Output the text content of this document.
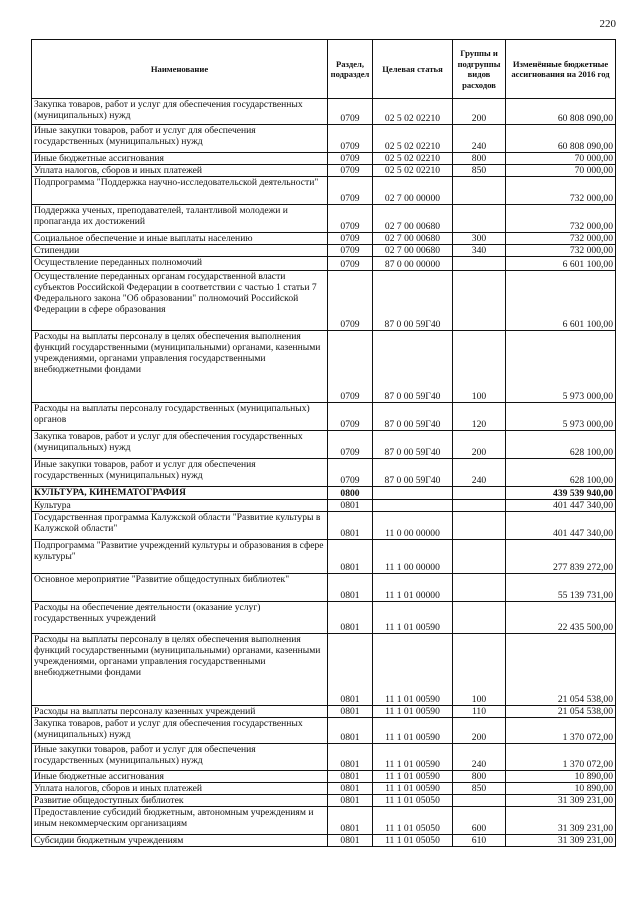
220
Наименование	Раздел, подраздел	Целевая статья	Группы и подгруппы видов расходов	Изменённые бюджетные ассигнования на 2016 год
Закупка товаров, работ и услуг для обеспечения государственных (муниципальных) нужд	0709	02 5 02 02210	200	60 808 090,00
Иные закупки товаров, работ и услуг для обеспечения государственных (муниципальных) нужд	0709	02 5 02 02210	240	60 808 090,00
Иные бюджетные ассигнования	0709	02 5 02 02210	800	70 000,00
Уплата налогов, сборов и иных платежей	0709	02 5 02 02210	850	70 000,00
Подпрограмма "Поддержка научно-исследовательской деятельности"	0709	02 7 00 00000		732 000,00
Поддержка ученых, преподавателей, талантливой молодежи и пропаганда их достижений	0709	02 7 00 00680		732 000,00
Социальное обеспечение и иные выплаты населению	0709	02 7 00 00680	300	732 000,00
Стипендии	0709	02 7 00 00680	340	732 000,00
Осуществление переданных полномочий	0709	87 0 00 00000		6 601 100,00
Осуществление переданных органам государственной власти субъектов Российской Федерации в соответствии с частью 1 статьи 7 Федерального закона "Об образовании" полномочий Российской Федерации в сфере образования	0709	87 0 00 59Г40		6 601 100,00
Расходы на выплаты персоналу в целях обеспечения выполнения функций государственными (муниципальными) органами, казенными учреждениями, органами управления государственными внебюджетными фондами	0709	87 0 00 59Г40	100	5 973 000,00
Расходы на выплаты персоналу государственных (муниципальных) органов	0709	87 0 00 59Г40	120	5 973 000,00
Закупка товаров, работ и услуг для обеспечения государственных (муниципальных) нужд	0709	87 0 00 59Г40	200	628 100,00
Иные закупки товаров, работ и услуг для обеспечения государственных (муниципальных) нужд	0709	87 0 00 59Г40	240	628 100,00
КУЛЬТУРА, КИНЕМАТОГРАФИЯ	0800			439 539 940,00
Культура	0801			401 447 340,00
Государственная программа Калужской области "Развитие культуры в Калужской области"	0801	11 0 00 00000		401 447 340,00
Подпрограмма "Развитие учреждений культуры и образования в сфере культуры"	0801	11 1 00 00000		277 839 272,00
Основное мероприятие "Развитие общедоступных библиотек"	0801	11 1 01 00000		55 139 731,00
Расходы на обеспечение деятельности (оказание услуг) государственных учреждений	0801	11 1 01 00590		22 435 500,00
Расходы на выплаты персоналу в целях обеспечения выполнения функций государственными (муниципальными) органами, казенными учреждениями, органами управления государственными внебюджетными фондами	0801	11 1 01 00590	100	21 054 538,00
Расходы на выплаты персоналу казенных учреждений	0801	11 1 01 00590	110	21 054 538,00
Закупка товаров, работ и услуг для обеспечения государственных (муниципальных) нужд	0801	11 1 01 00590	200	1 370 072,00
Иные закупки товаров, работ и услуг для обеспечения государственных (муниципальных) нужд	0801	11 1 01 00590	240	1 370 072,00
Иные бюджетные ассигнования	0801	11 1 01 00590	800	10 890,00
Уплата налогов, сборов и иных платежей	0801	11 1 01 00590	850	10 890,00
Развитие общедоступных библиотек	0801	11 1 01 05050		31 309 231,00
Предоставление субсидий бюджетным, автономным учреждениям и иным некоммерческим организациям	0801	11 1 01 05050	600	31 309 231,00
Субсидии бюджетным учреждениям	0801	11 1 01 05050	610	31 309 231,00
